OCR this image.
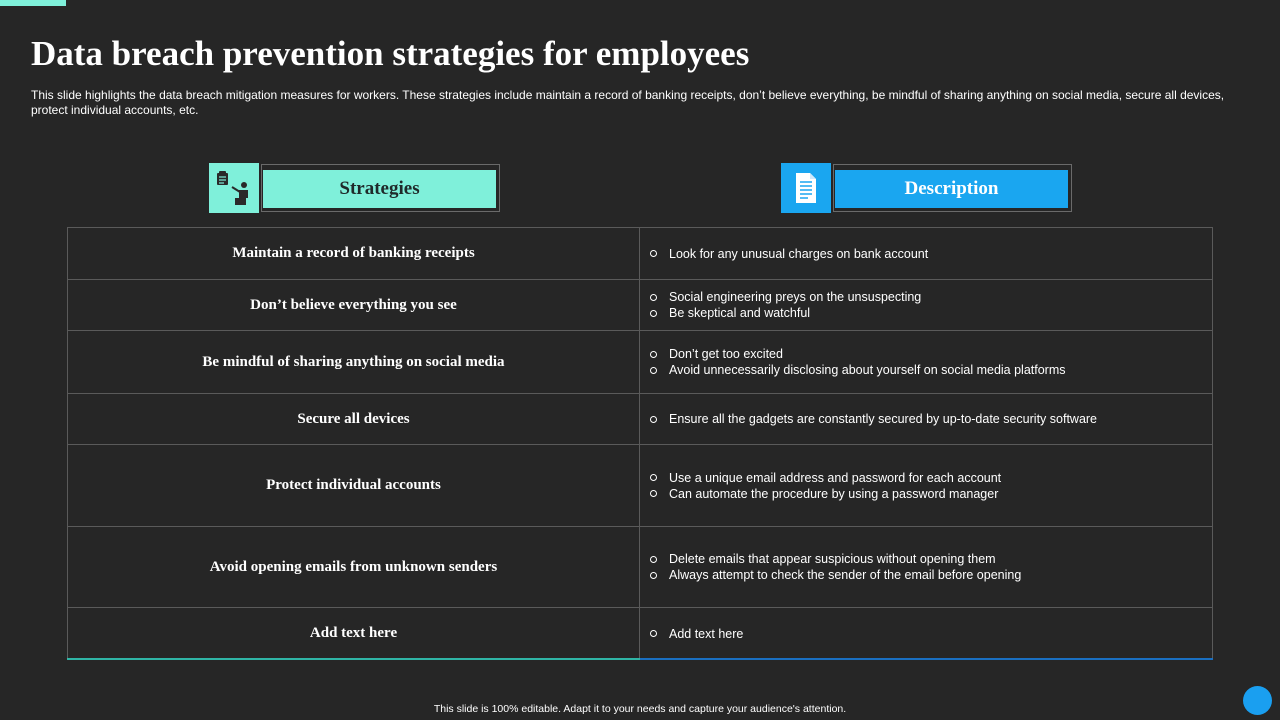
Data breach prevention strategies for employees

This slide highlights the data breach mitigation measures for workers. These strategies include maintain a record of banking receipts, don’t believe everything, be mindful of sharing anything on social media, secure all devices, protect individual accounts, etc.

Strategies	Description
Maintain a record of banking receipts	Look for any unusual charges on bank account
Don’t believe everything you see	Social engineering preys on the unsuspecting
Be skeptical and watchful
Be mindful of sharing anything on social media	Don’t get too excited
Avoid unnecessarily disclosing about yourself on social media platforms
Secure all devices	Ensure all the gadgets are constantly secured by up-to-date security software
Protect individual accounts	Use a unique email address and password for each account
Can automate the procedure by using a password manager
Avoid opening emails from unknown senders	Delete emails that appear suspicious without opening them
Always attempt to check the sender of the email before opening
Add text here	Add text here
This slide is 100% editable. Adapt it to your needs and capture your audience's attention.
